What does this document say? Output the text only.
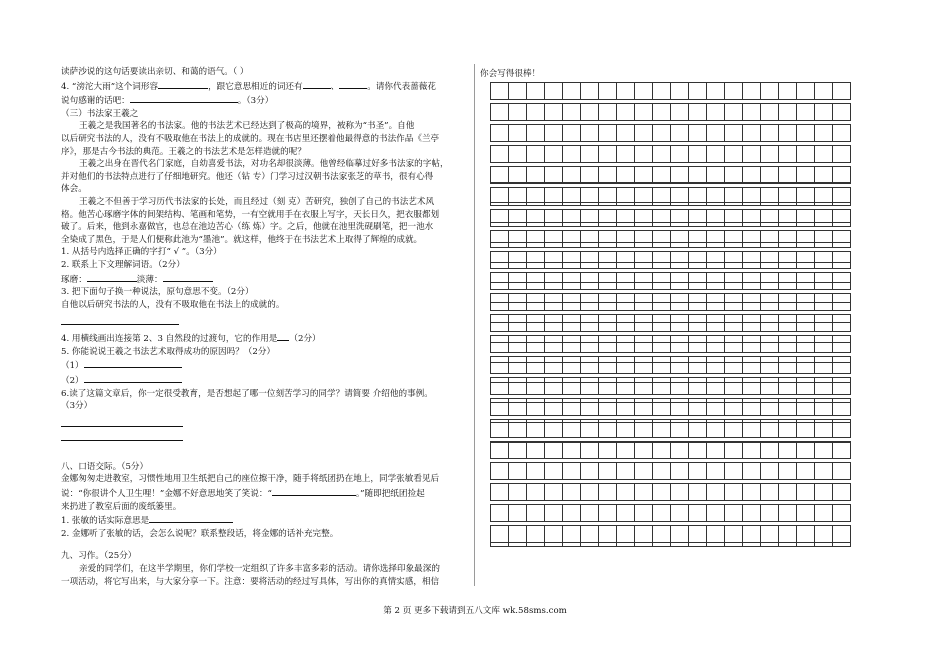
读萨沙说的这句话要读出亲切、和蔼的语气。（ ）

4. “滂沱大雨”这个词形容	，跟它意思相近的词还有	、	。请你代表蔷薇花

说句感谢的话吧：	。（3分）

（三）书法家王羲之

王羲之是我国著名的书法家。他的书法艺术已经达到了极高的境界，被称为“书圣”。自他

以后研究书法的人，没有不吸取他在书法上的成就的。现在书店里还摆着他最得意的书法作品《兰亭

序》，那是古今书法的典范。王羲之的书法艺术是怎样造就的呢？

王羲之出身在晋代名门家庭，自幼喜爱书法，对功名却很淡薄。他曾经临摹过好多书法家的字帖，

并对他们的书法特点进行了仔细地研究。他还（钻 专）门学习过汉朝书法家张芝的草书，很有心得

体会。

王羲之不但善于学习历代书法家的长处，而且经过（刻 克）苦研究，独创了自己的书法艺术风

格。他苦心琢磨字体的间架结构、笔画和笔势，一有空就用手在衣服上写字，天长日久，把衣服都划

破了。后来，他到永嘉做官，也总在池边苦心（练 炼）字。之后，他就在池里洗砚刷笔，把一池水

全染成了黑色，于是人们便称此池为“墨池”。就这样，他终于在书法艺术上取得了辉煌的成就。

1. 从括号内选择正确的字打“ √ ”。（3分）

2. 联系上下文理解词语。（2分）

琢磨：	淡薄：

3. 把下面句子换一种说法，原句意思不变。（2分）

自他以后研究书法的人，没有不吸取他在书法上的成就的。

4. 用横线画出连接第 2、3 自然段的过渡句，它的作用是 （2分）

5. 你能说说王羲之书法艺术取得成功的原因吗？（2分）

（1）

（2）

6.读了这篇文章后，你一定很受教育，是否想起了哪一位刻苦学习的同学？请简要 介绍他的事例。

（3分）

八、口语交际。（5分）

金娜匆匆走进教室，习惯性地用卫生纸把自己的座位擦干净，随手将纸团扔在地上，同学张敏看见后

说：“你很讲个人卫生哩！”金娜不好意思地笑了笑说：“	。”随即把纸团捡起

来扔进了教室后面的废纸篓里。

1. 张敏的话实际意思是

2. 金娜听了张敏的话，会怎么说呢？联系整段话，将金娜的话补充完整。

九、习作。（25分）

亲爱的同学们，在这半学期里，你们学校一定组织了许多丰富多彩的活动。请你选择印象最深的

一项活动，将它写出来，与大家分享一下。注意：要将活动的经过写具体，写出你的真情实感，相信

你会写得很棒！
第 2 页 更多下载请到五八文库 wk.58sms.com
